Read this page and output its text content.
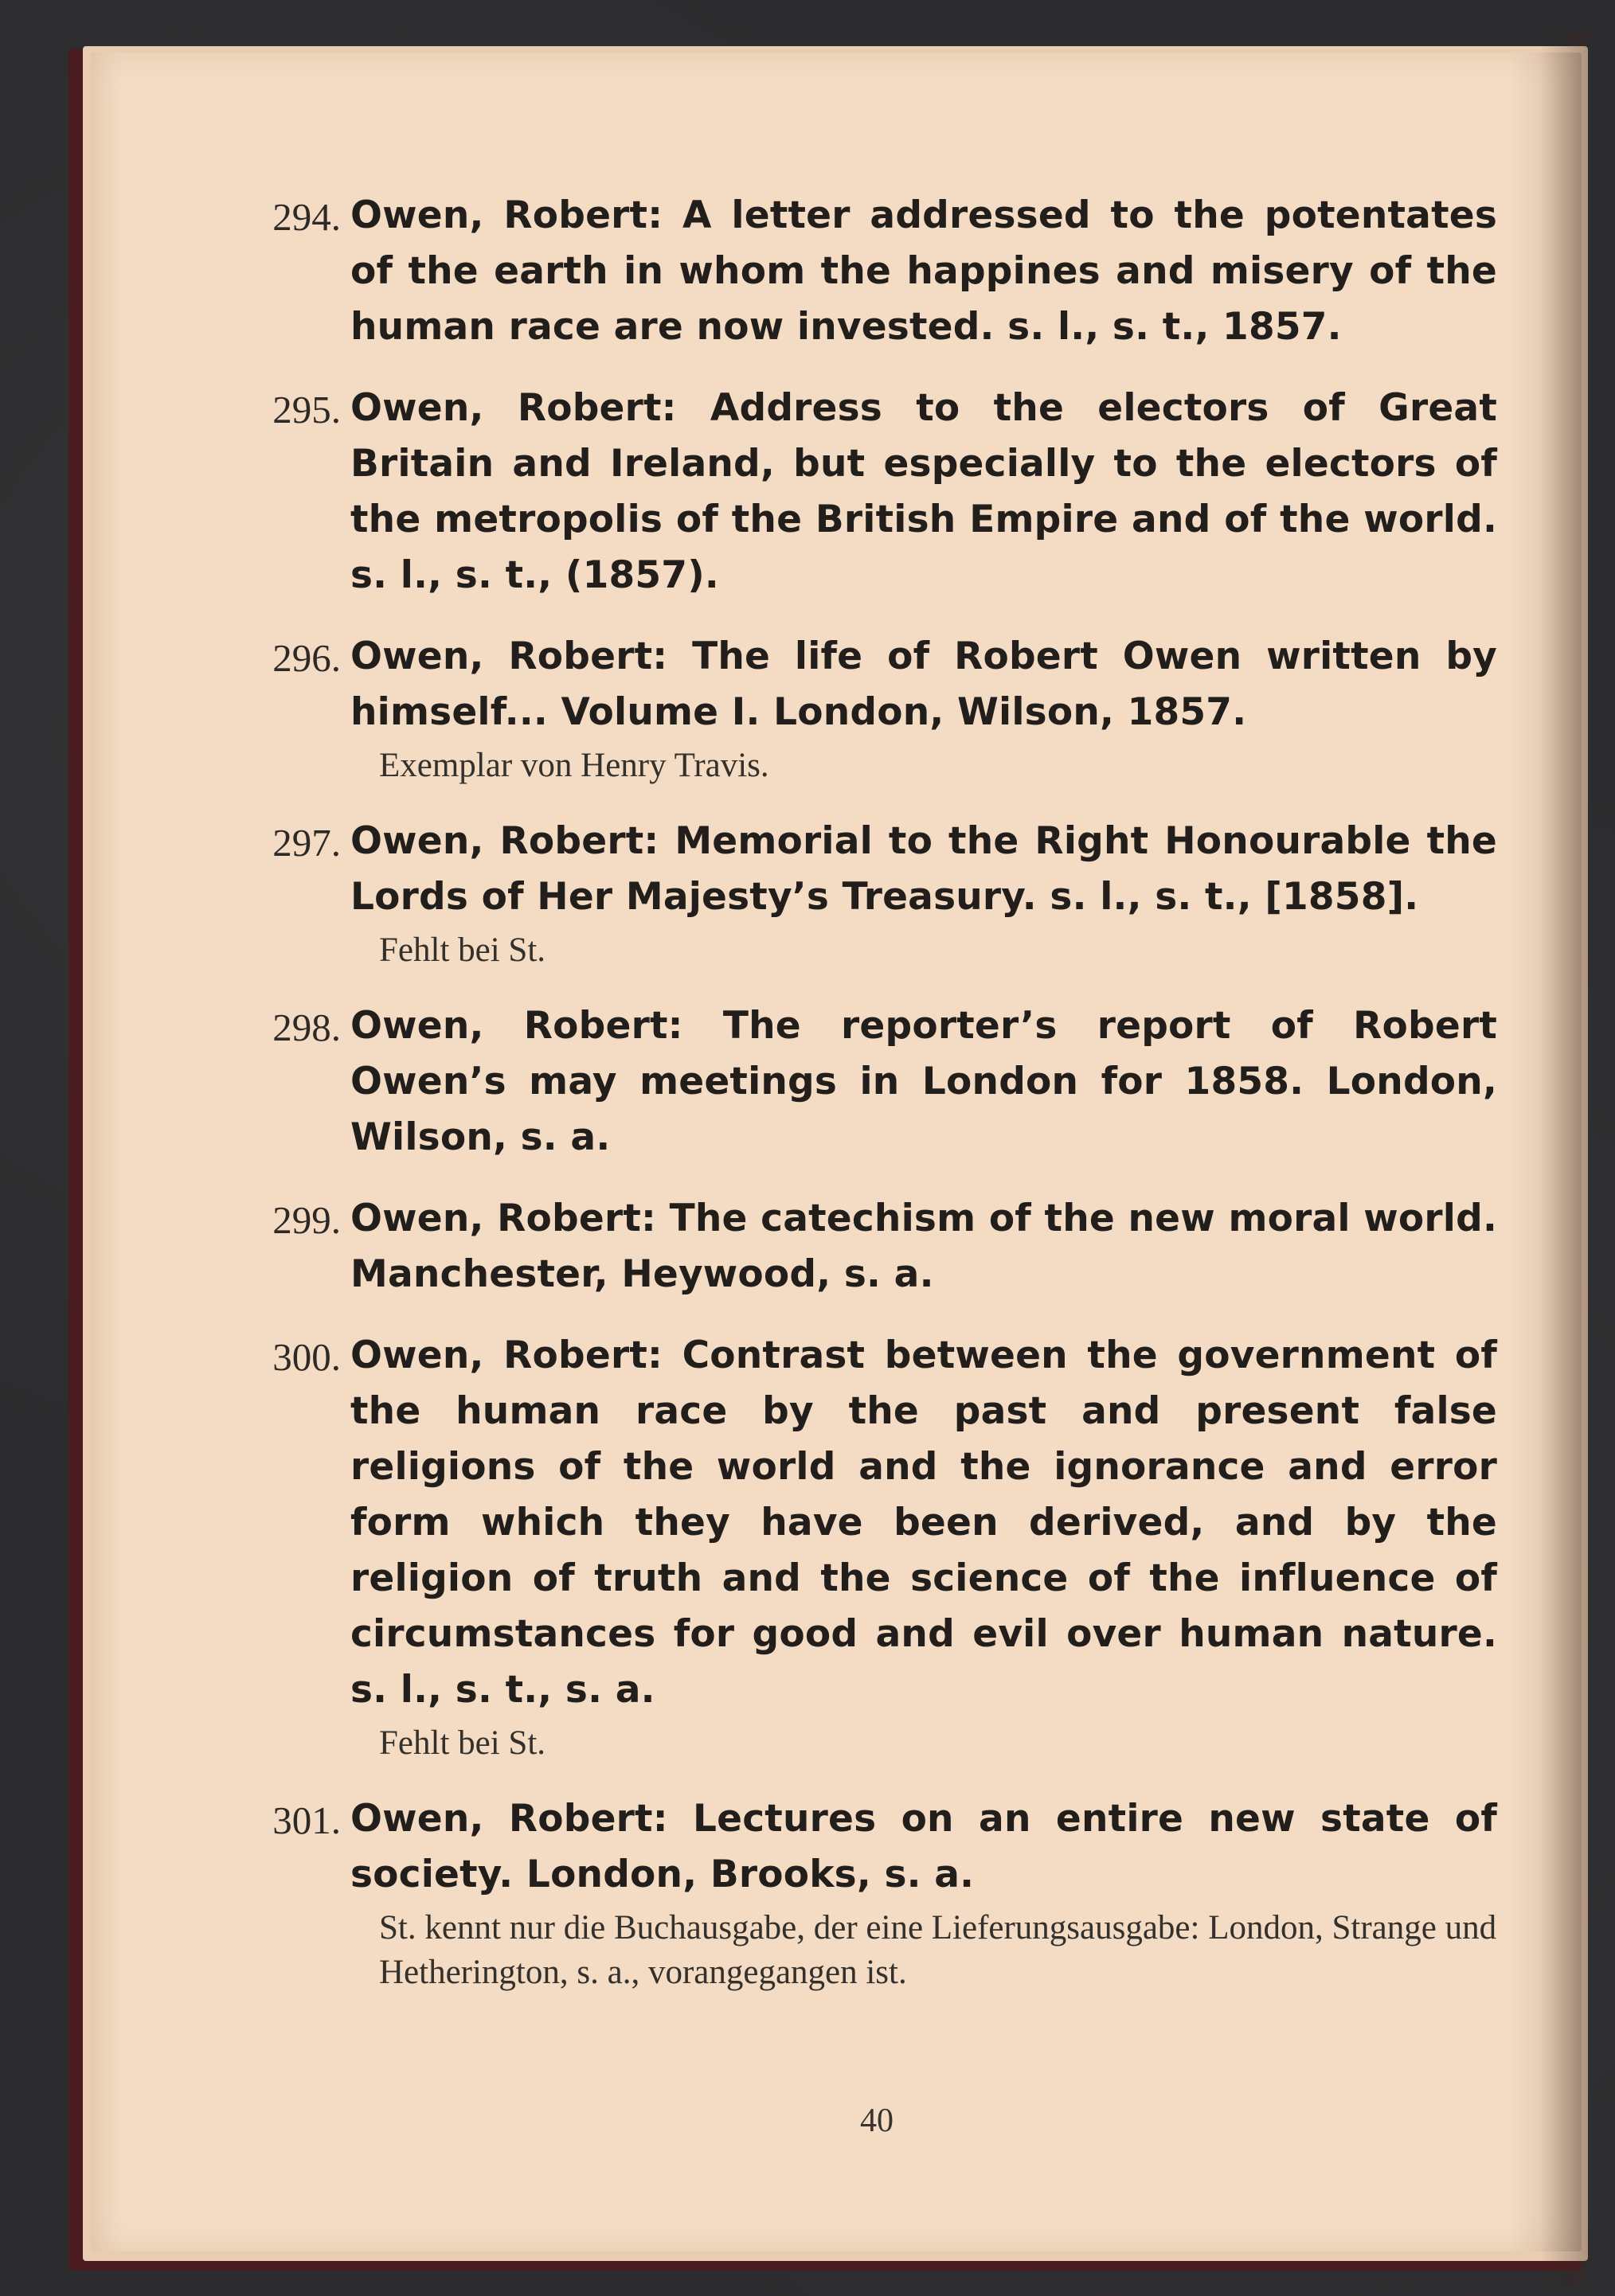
294. Owen, Robert: A letter addressed to the potentates of the earth in whom the happines and misery of the human race are now invested. s. l., s. t., 1857.
295. Owen, Robert: Address to the electors of Great Britain and Ireland, but especially to the electors of the metropolis of the British Empire and of the world. s. l., s. t., (1857).
296. Owen, Robert: The life of Robert Owen written by himself... Volume I. London, Wilson, 1857.
Exemplar von Henry Travis.
297. Owen, Robert: Memorial to the Right Honourable the Lords of Her Majesty’s Treasury. s. l., s. t., [1858].
Fehlt bei St.
298. Owen, Robert: The reporter’s report of Robert Owen’s may meetings in London for 1858. London, Wilson, s. a.
299. Owen, Robert: The catechism of the new moral world. Manchester, Heywood, s. a.
300. Owen, Robert: Contrast between the government of the human race by the past and present false religions of the world and the ignorance and error form which they have been derived, and by the religion of truth and the science of the influence of circumstances for good and evil over human nature. s. l., s. t., s. a.
Fehlt bei St.
301. Owen, Robert: Lectures on an entire new state of society. London, Brooks, s. a.
St. kennt nur die Buchausgabe, der eine Lieferungsausgabe: London, Strange und Hetherington, s. a., vorangegangen ist.
40
